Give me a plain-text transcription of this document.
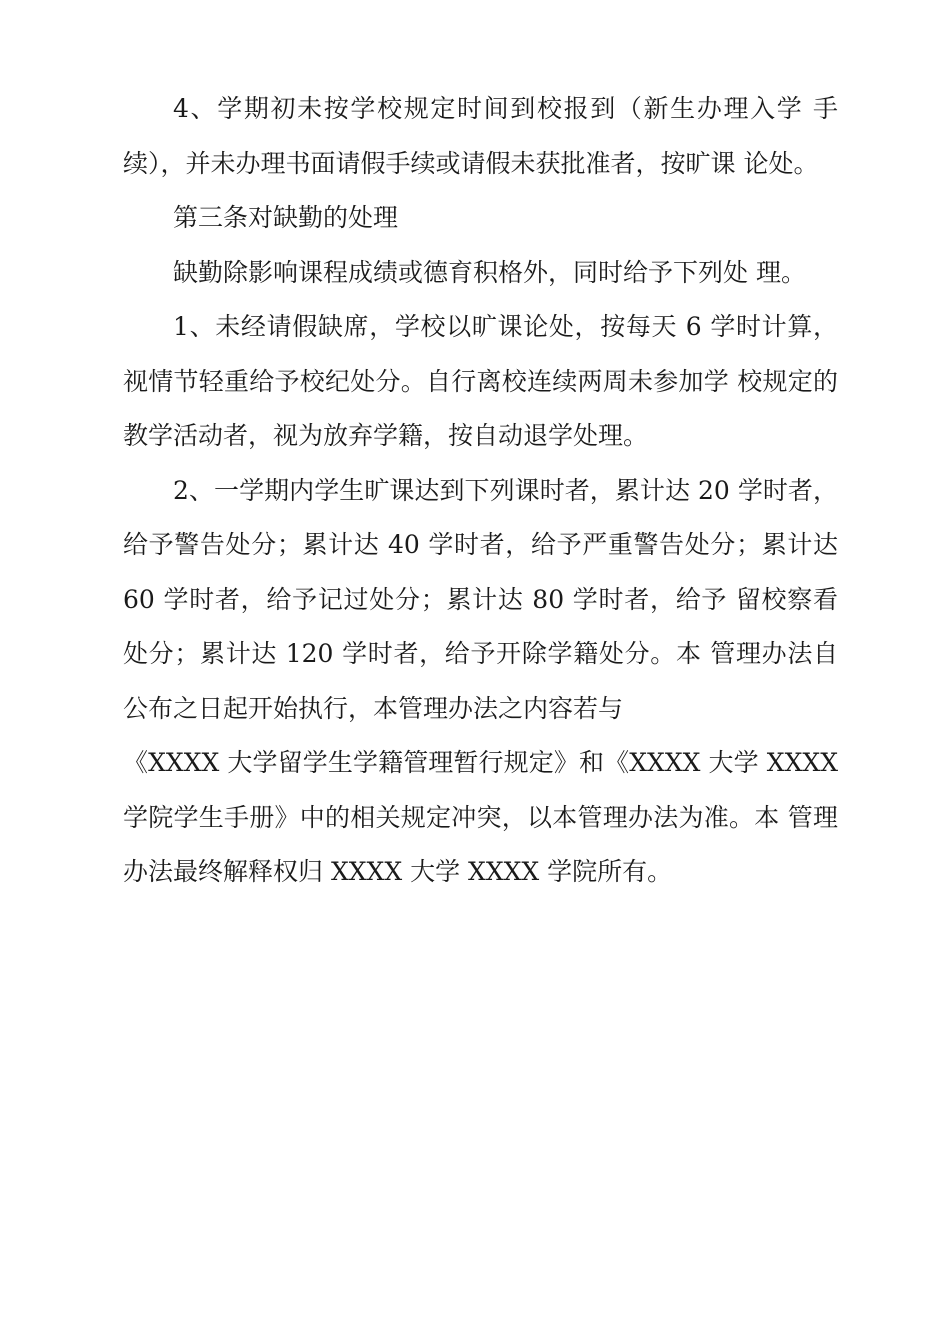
4、学期初未按学校规定时间到校报到（新生办理入学 手续），并未办理书面请假手续或请假未获批准者，按旷课 论处。

第三条对缺勤的处理

缺勤除影响课程成绩或德育积格外，同时给予下列处 理。

1、未经请假缺席，学校以旷课论处，按每天 6 学时计算，视情节轻重给予校纪处分。自行离校连续两周未参加学 校规定的教学活动者，视为放弃学籍，按自动退学处理。

2、一学期内学生旷课达到下列课时者，累计达 20 学时者，给予警告处分；累计达 40 学时者，给予严重警告处分；累计达 60 学时者，给予记过处分；累计达 80 学时者，给予 留校察看处分；累计达 120 学时者，给予开除学籍处分。本 管理办法自公布之日起开始执行，本管理办法之内容若与

《XXXX 大学留学生学籍管理暂行规定》和《XXXX 大学 XXXX 学院学生手册》中的相关规定冲突，以本管理办法为准。本 管理办法最终解释权归 XXXX 大学 XXXX 学院所有。
